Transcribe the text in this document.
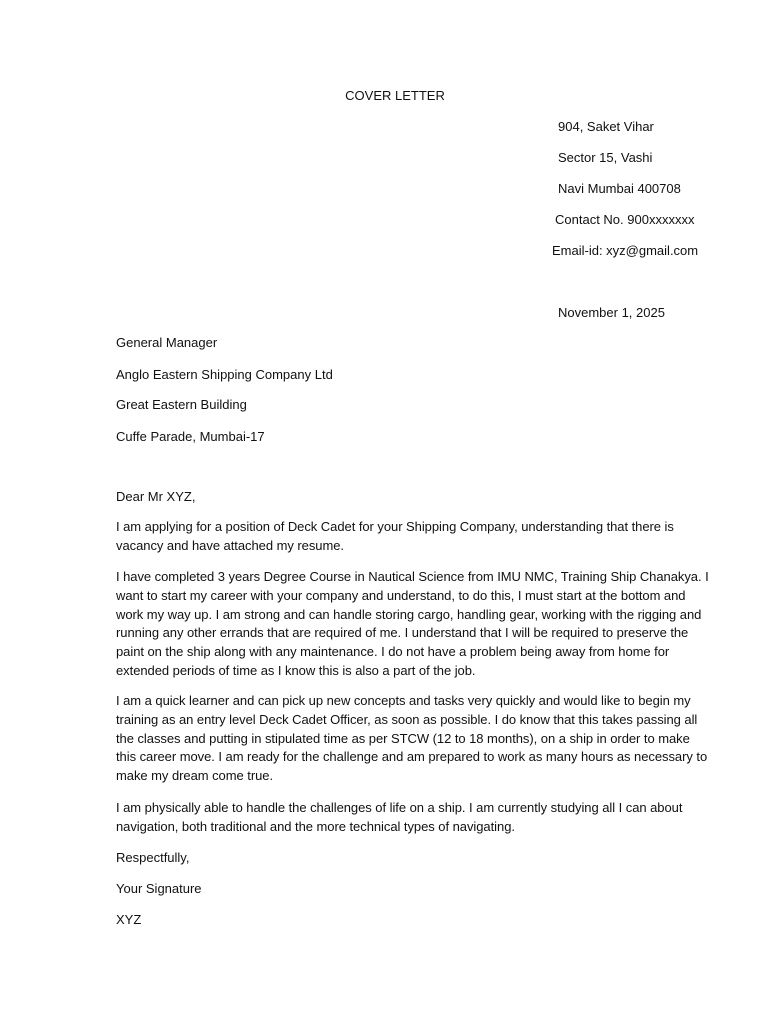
COVER LETTER
904, Saket Vihar
Sector 15, Vashi
Navi Mumbai 400708
Contact No. 900xxxxxxx
Email-id: xyz@gmail.com
November 1, 2025
General Manager
Anglo Eastern Shipping Company Ltd
Great Eastern Building
Cuffe Parade, Mumbai-17
Dear Mr XYZ,
I am applying for a position of Deck Cadet for your Shipping Company, understanding that there is vacancy and have attached my resume.
I have completed 3 years Degree Course in Nautical Science from IMU NMC, Training Ship Chanakya. I want to start my career with your company and understand, to do this, I must start at the bottom and work my way up. I am strong and can handle storing cargo, handling gear, working with the rigging and running any other errands that are required of me. I understand that I will be required to preserve the paint on the ship along with any maintenance. I do not have a problem being away from home for extended periods of time as I know this is also a part of the job.
I am a quick learner and can pick up new concepts and tasks very quickly and would like to begin my training as an entry level Deck Cadet Officer, as soon as possible. I do know that this takes passing all the classes and putting in stipulated time as per STCW (12 to 18 months), on a ship in order to make this career move. I am ready for the challenge and am prepared to work as many hours as necessary to make my dream come true.
I am physically able to handle the challenges of life on a ship. I am currently studying all I can about navigation, both traditional and the more technical types of navigating.
Respectfully,
Your Signature
XYZ
